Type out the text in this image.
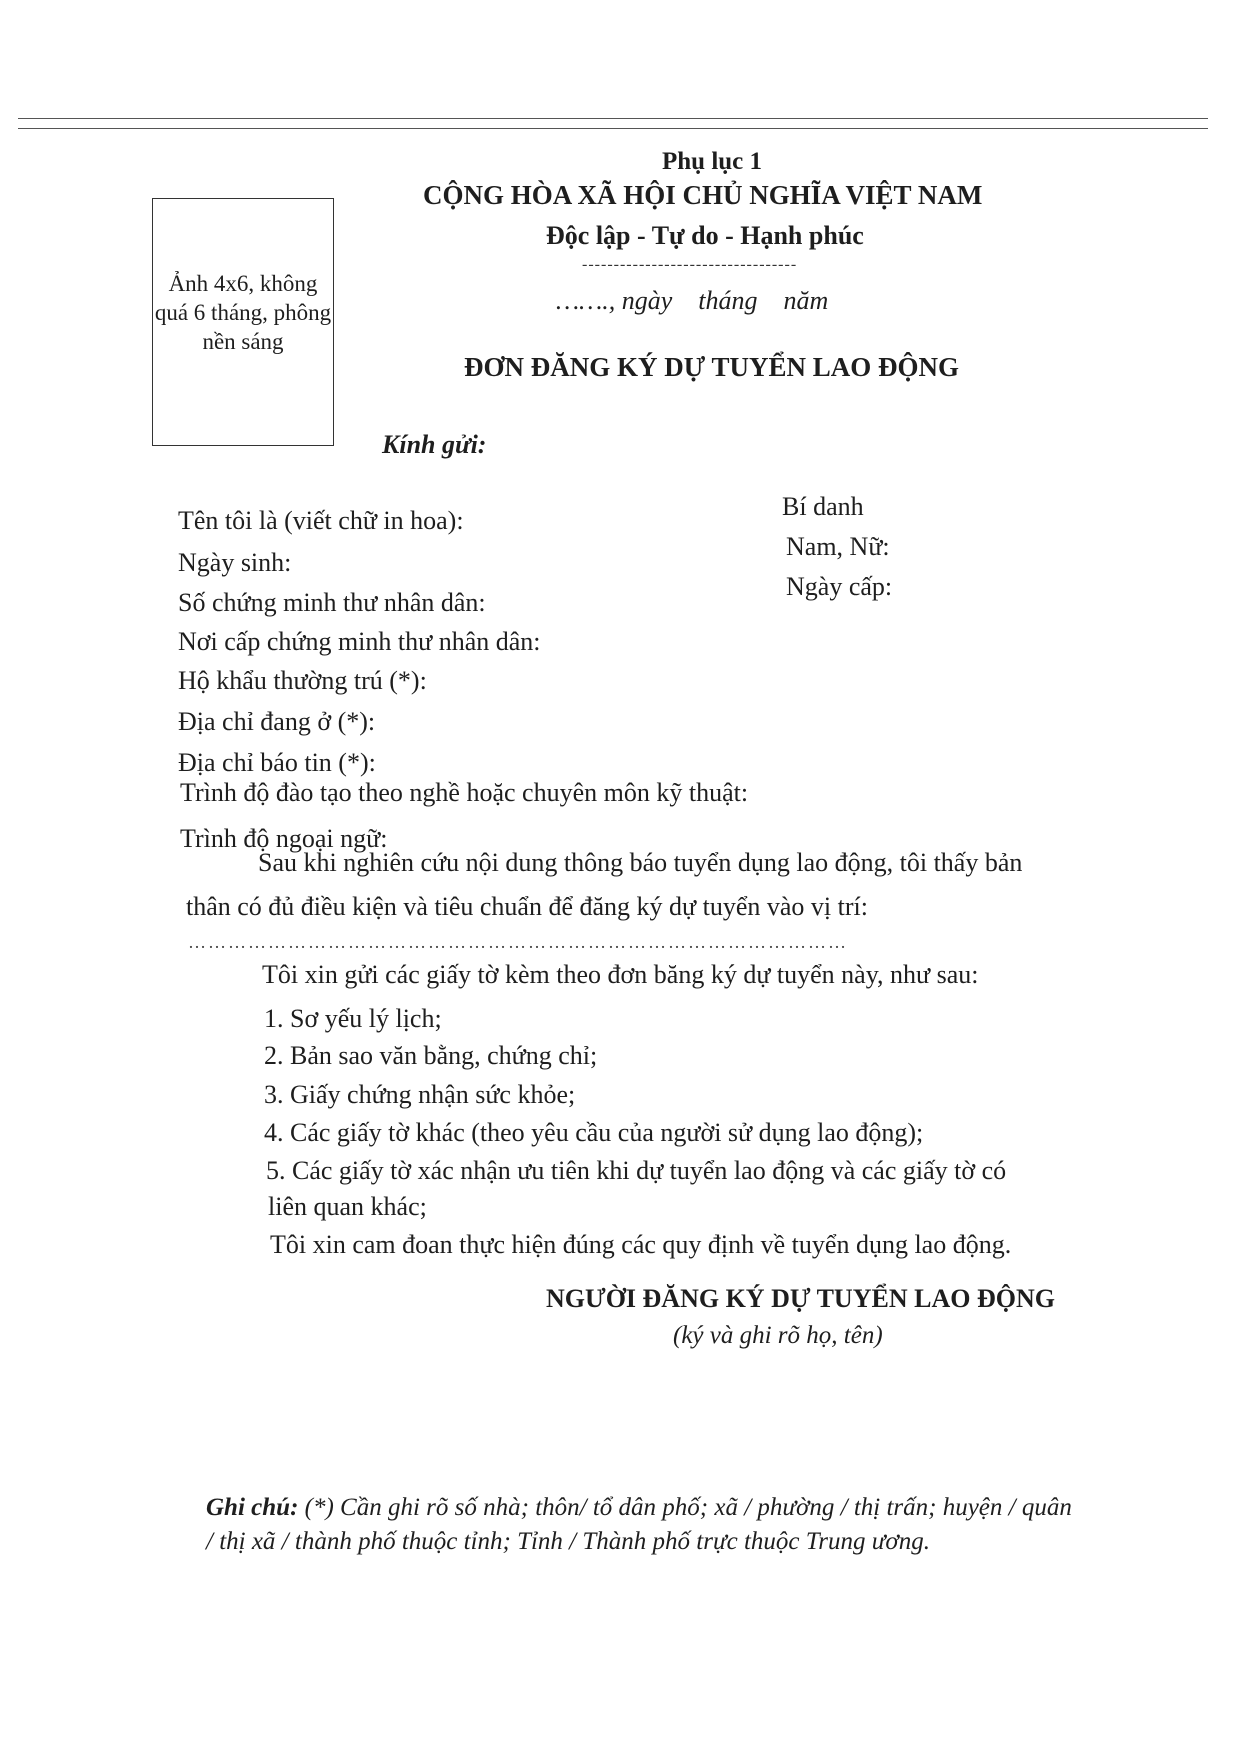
Phụ lục 1
CỘNG HÒA XÃ HỘI CHỦ NGHĨA VIỆT NAM
Độc lập - Tự do - Hạnh phúc
----------------------------------
……., ngày    tháng    năm
Ảnh 4x6, không quá 6 tháng, phông nền sáng
ĐƠN ĐĂNG KÝ DỰ TUYỂN LAO ĐỘNG
Kính gửi:
Tên tôi là (viết chữ in hoa):
Ngày sinh:
Số chứng minh thư nhân dân:
Nơi cấp chứng minh thư nhân dân:
Hộ khẩu thường trú (*):
Địa chỉ đang ở (*):
Địa chỉ báo tin (*):
Trình độ đào tạo theo nghề hoặc chuyên môn kỹ thuật:
Trình độ ngoại ngữ:
Bí danh
Nam, Nữ:
Ngày cấp:
Sau khi nghiên cứu nội dung thông báo tuyển dụng lao động, tôi thấy bản
thân có đủ điều kiện và tiêu chuẩn để đăng ký dự tuyển vào vị trí:
………………………………………………………………………………………
Tôi xin gửi các giấy tờ kèm theo đơn băng ký dự tuyển này, như sau:
1. Sơ yếu lý lịch;
2. Bản sao văn bằng, chứng chỉ;
3. Giấy chứng nhận sức khỏe;
4. Các giấy tờ khác (theo yêu cầu của người sử dụng lao động);
5. Các giấy tờ xác nhận ưu tiên khi dự tuyển lao động và các giấy tờ có
liên quan khác;
Tôi xin cam đoan thực hiện đúng các quy định về tuyển dụng lao động.
NGƯỜI ĐĂNG KÝ DỰ TUYỂN LAO ĐỘNG
(ký và ghi rõ họ, tên)
Ghi chú: (*) Cần ghi rõ số nhà; thôn/ tổ dân phố; xã / phường / thị trấn; huyện / quân
/ thị xã / thành phố thuộc tỉnh; Tỉnh / Thành phố trực thuộc Trung ương.
